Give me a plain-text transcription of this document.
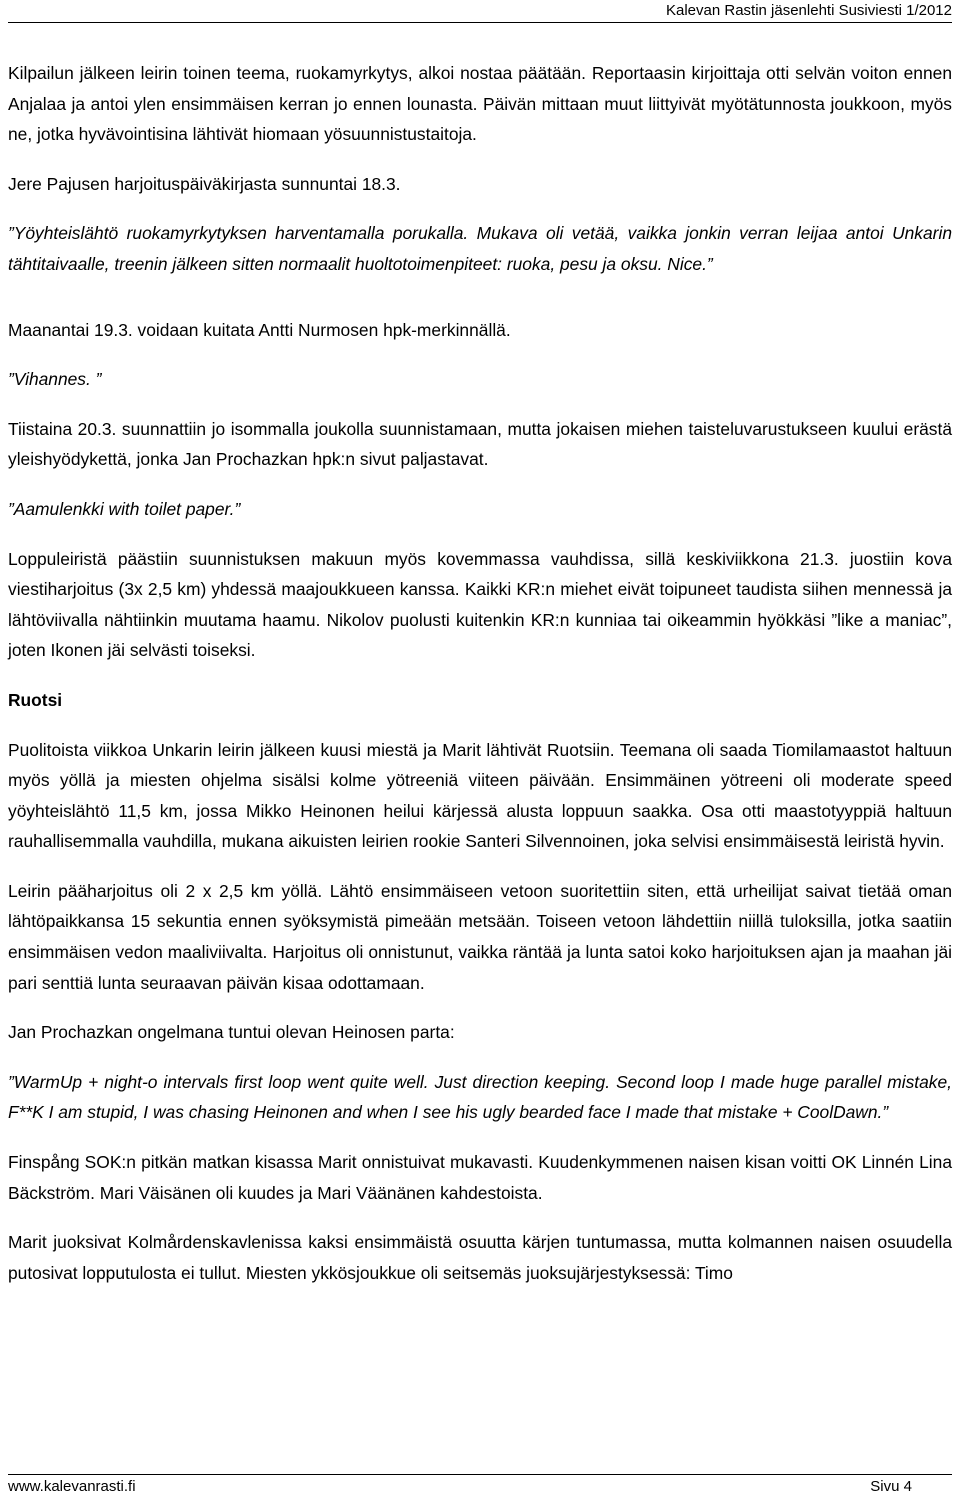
Kalevan Rastin jäsenlehti Susiviesti 1/2012

Kilpailun jälkeen leirin toinen teema, ruokamyrkytys, alkoi nostaa päätään. Reportaasin kirjoittaja otti selvän voiton ennen Anjalaa ja antoi ylen ensimmäisen kerran jo ennen lounasta. Päivän mittaan muut liittyivät myötätunnosta joukkoon, myös ne, jotka hyvävointisina lähtivät hiomaan yösuunnistustaitoja.

Jere Pajusen harjoituspäiväkirjasta sunnuntai 18.3.

”Yöyhteislähtö ruokamyrkytyksen harventamalla porukalla. Mukava oli vetää, vaikka jonkin verran leijaa antoi Unkarin tähtitaivaalle, treenin jälkeen sitten normaalit huoltotoimenpiteet: ruoka, pesu ja oksu. Nice.”

Maanantai 19.3. voidaan kuitata Antti Nurmosen hpk-merkinnällä.

”Vihannes. ”

Tiistaina 20.3. suunnattiin jo isommalla joukolla suunnistamaan, mutta jokaisen miehen taisteluvarustukseen kuului erästä yleishyödykettä, jonka Jan Prochazkan hpk:n sivut paljastavat.

”Aamulenkki with toilet paper.”

Loppuleiristä päästiin suunnistuksen makuun myös kovemmassa vauhdissa, sillä keskiviikkona 21.3. juostiin kova viestiharjoitus (3x 2,5 km) yhdessä maajoukkueen kanssa. Kaikki KR:n miehet eivät toipuneet taudista siihen mennessä ja lähtöviivalla nähtiinkin muutama haamu. Nikolov puolusti kuitenkin KR:n kunniaa tai oikeammin hyökkäsi ”like a maniac”, joten Ikonen jäi selvästi toiseksi.

Ruotsi

Puolitoista viikkoa Unkarin leirin jälkeen kuusi miestä ja Marit lähtivät Ruotsiin. Teemana oli saada Tiomilamaastot haltuun myös yöllä ja miesten ohjelma sisälsi kolme yötreeniä viiteen päivään. Ensimmäinen yötreeni oli moderate speed yöyhteislähtö 11,5 km, jossa Mikko Heinonen heilui kärjessä alusta loppuun saakka. Osa otti maastotyyppiä haltuun rauhallisemmalla vauhdilla, mukana aikuisten leirien rookie Santeri Silvennoinen, joka selvisi ensimmäisestä leiristä hyvin.

Leirin pääharjoitus oli 2 x 2,5 km yöllä. Lähtö ensimmäiseen vetoon suoritettiin siten, että urheilijat saivat tietää oman lähtöpaikkansa 15 sekuntia ennen syöksymistä pimeään metsään. Toiseen vetoon lähdettiin niillä tuloksilla, jotka saatiin ensimmäisen vedon maaliviivalta. Harjoitus oli onnistunut, vaikka räntää ja lunta satoi koko harjoituksen ajan ja maahan jäi pari senttiä lunta seuraavan päivän kisaa odottamaan.

Jan Prochazkan ongelmana tuntui olevan Heinosen parta:

”WarmUp + night-o intervals first loop went quite well. Just direction keeping. Second loop I made huge parallel mistake, F**K I am stupid, I was chasing Heinonen and when I see his ugly bearded face I made that mistake + CoolDawn.”

Finspång SOK:n pitkän matkan kisassa Marit onnistuivat mukavasti. Kuudenkymmenen naisen kisan voitti OK Linnén Lina Bäckström. Mari Väisänen oli kuudes ja Mari Väänänen kahdestoista.

Marit juoksivat Kolmårdenskavlenissa kaksi ensimmäistä osuutta kärjen tuntumassa, mutta kolmannen naisen osuudella putosivat lopputulosta ei tullut. Miesten ykkösjoukkue oli seitsemäs juoksujärjestyksessä: Timo

www.kalevanrasti.fi	Sivu 4
